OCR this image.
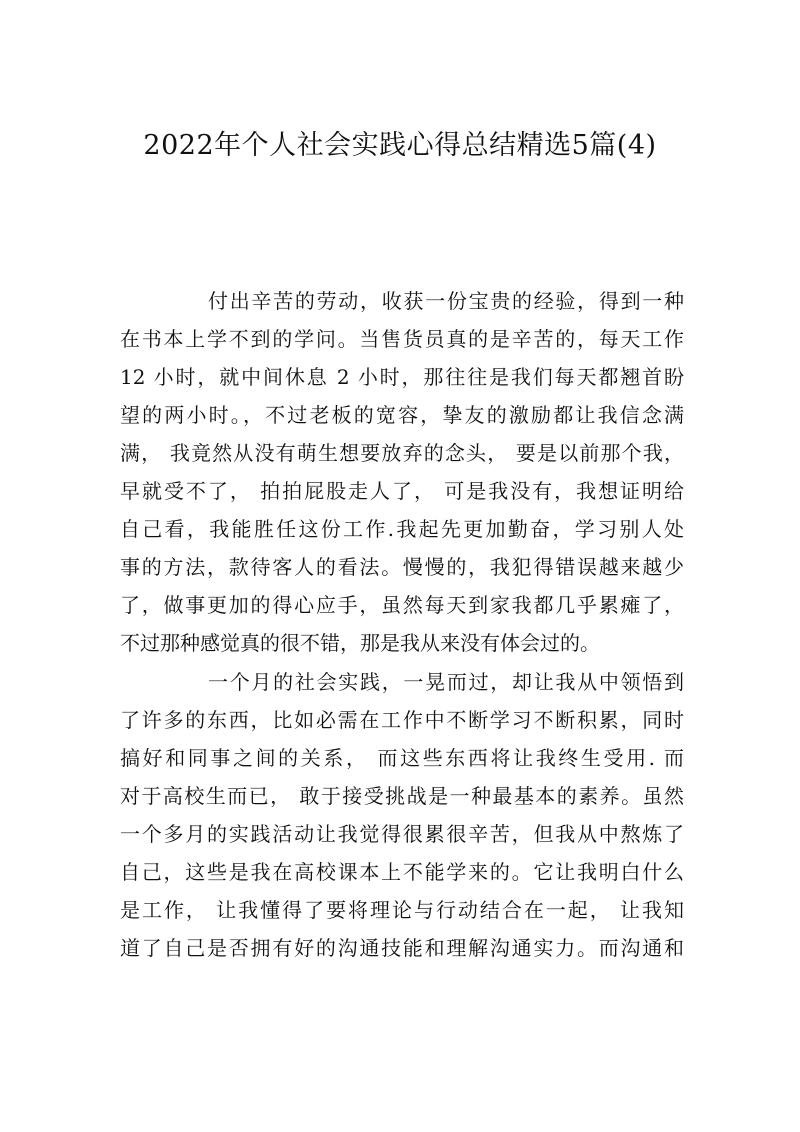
2022年个人社会实践心得总结精选5篇(4)
付出辛苦的劳动，收获一份宝贵的经验，得到一种
在书本上学不到的学问。当售货员真的是辛苦的，每天工作
12 小时，就中间休息 2 小时，那往往是我们每天都翘首盼
望的两小时。，不过老板的宽容，挚友的激励都让我信念满
满， 我竟然从没有萌生想要放弃的念头， 要是以前那个我，
早就受不了， 拍拍屁股走人了， 可是我没有，我想证明给
自己看，我能胜任这份工作.我起先更加勤奋，学习别人处
事的方法，款待客人的看法。慢慢的，我犯得错误越来越少
了，做事更加的得心应手，虽然每天到家我都几乎累瘫了，
不过那种感觉真的很不错，那是我从来没有体会过的。
一个月的社会实践，一晃而过，却让我从中领悟到
了许多的东西，比如必需在工作中不断学习不断积累，同时
搞好和同事之间的关系， 而这些东西将让我终生受用. 而
对于高校生而已， 敢于接受挑战是一种最基本的素养。虽然
一个多月的实践活动让我觉得很累很辛苦，但我从中熬炼了
自己，这些是我在高校课本上不能学来的。它让我明白什么
是工作， 让我懂得了要将理论与行动结合在一起， 让我知
道了自己是否拥有好的沟通技能和理解沟通实力。而沟通和
